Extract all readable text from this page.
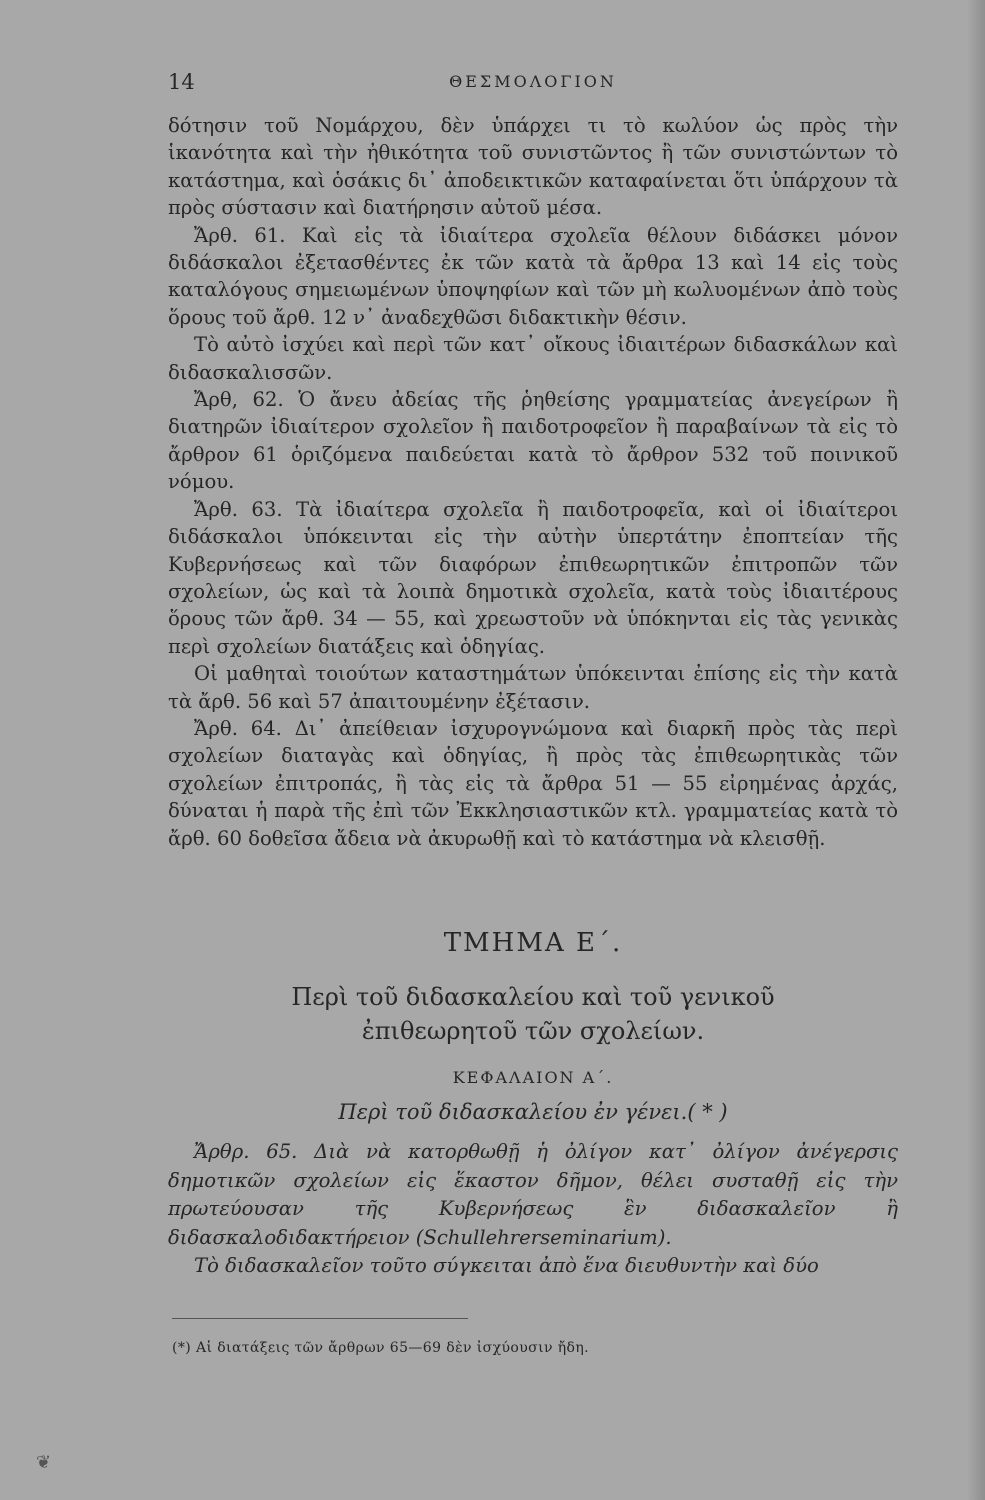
14	ΘΕΣΜΟΛΟΓΙΟΝ

δότησιν τοῦ Νομάρχου, δὲν ὑπάρχει τι τὸ κωλύον ὡς πρὸς τὴν ἱκανότητα καὶ τὴν ἠθικότητα τοῦ συνιστῶντος ἢ τῶν συνιστώντων τὸ κατάστημα, καὶ ὁσάκις δι᾽ ἀποδεικτικῶν καταφαίνεται ὅτι ὑπάρχουν τὰ πρὸς σύστασιν καὶ διατήρησιν αὐτοῦ μέσα.

Ἄρθ. 61. Καὶ εἰς τὰ ἰδιαίτερα σχολεῖα θέλουν διδάσκει μόνον διδάσκαλοι ἐξετασθέντες ἐκ τῶν κατὰ τὰ ἄρθρα 13 καὶ 14 εἰς τοὺς καταλόγους σημειωμένων ὑποψηφίων καὶ τῶν μὴ κωλυομένων ἀπὸ τοὺς ὅρους τοῦ ἄρθ. 12 ν᾽ ἀναδεχθῶσι διδακτικὴν θέσιν.

Τὸ αὐτὸ ἰσχύει καὶ περὶ τῶν κατ᾽ οἴκους ἰδιαιτέρων διδασκάλων καὶ διδασκαλισσῶν.

Ἄρθ, 62. Ὁ ἄνευ ἀδείας τῆς ῥηθείσης γραμματείας ἀνεγείρων ἢ διατηρῶν ἰδιαίτερον σχολεῖον ἢ παιδοτροφεῖον ἢ παραβαίνων τὰ εἰς τὸ ἄρθρον 61 ὁριζόμενα παιδεύεται κατὰ τὸ ἄρθρον 532 τοῦ ποινικοῦ νόμου.

Ἄρθ. 63. Τὰ ἰδιαίτερα σχολεῖα ἢ παιδοτροφεῖα, καὶ οἱ ἰδιαίτεροι διδάσκαλοι ὑπόκεινται εἰς τὴν αὐτὴν ὑπερτάτην ἐποπτείαν τῆς Κυβερνήσεως καὶ τῶν διαφόρων ἐπιθεωρητικῶν ἐπιτροπῶν τῶν σχολείων, ὡς καὶ τὰ λοιπὰ δημοτικὰ σχολεῖα, κατὰ τοὺς ἰδιαιτέρους ὅρους τῶν ἄρθ. 34 — 55, καὶ χρεωστοῦν νὰ ὑπόκηνται εἰς τὰς γενικὰς περὶ σχολείων διατάξεις καὶ ὁδηγίας.

Οἱ μαθηταὶ τοιούτων καταστημάτων ὑπόκεινται ἐπίσης εἰς τὴν κατὰ τὰ ἄρθ. 56 καὶ 57 ἀπαιτουμένην ἐξέτασιν.

Ἄρθ. 64. Δι᾽ ἀπείθειαν ἰσχυρογνώμονα καὶ διαρκῆ πρὸς τὰς περὶ σχολείων διαταγὰς καὶ ὁδηγίας, ἢ πρὸς τὰς ἐπιθεωρητικὰς τῶν σχολείων ἐπιτροπάς, ἢ τὰς εἰς τὰ ἄρθρα 51 — 55 εἰρημένας ἀρχάς, δύναται ἡ παρὰ τῆς ἐπὶ τῶν Ἐκκλησιαστικῶν κτλ. γραμματείας κατὰ τὸ ἄρθ. 60 δοθεῖσα ἄδεια νὰ ἀκυρωθῇ καὶ τὸ κατάστημα νὰ κλεισθῇ.

ΤΜΗΜΑ Ε΄.
Περὶ τοῦ διδασκαλείου καὶ τοῦ γενικοῦ ἐπιθεωρητοῦ τῶν σχολείων.
ΚΕΦΑΛΑΙΟΝ Α΄.
Περὶ τοῦ διδασκαλείου ἐν γένει.( * )

Ἄρθρ. 65. Διὰ νὰ κατορθωθῇ ἡ ὀλίγον κατ᾽ ὀλίγον ἀνέγερσις δημοτικῶν σχολείων εἰς ἕκαστον δῆμον, θέλει συσταθῇ εἰς τὴν πρωτεύουσαν τῆς Κυβερνήσεως ἓν διδασκαλεῖον ἢ διδασκαλοδιδακτήρειον (Schullehrerseminarium).

Τὸ διδασκαλεῖον τοῦτο σύγκειται ἀπὸ ἕνα διευθυντὴν καὶ δύο

(*) Αἱ διατάξεις τῶν ἄρθρων 65—69 δὲν ἰσχύουσιν ἤδη.
❦
